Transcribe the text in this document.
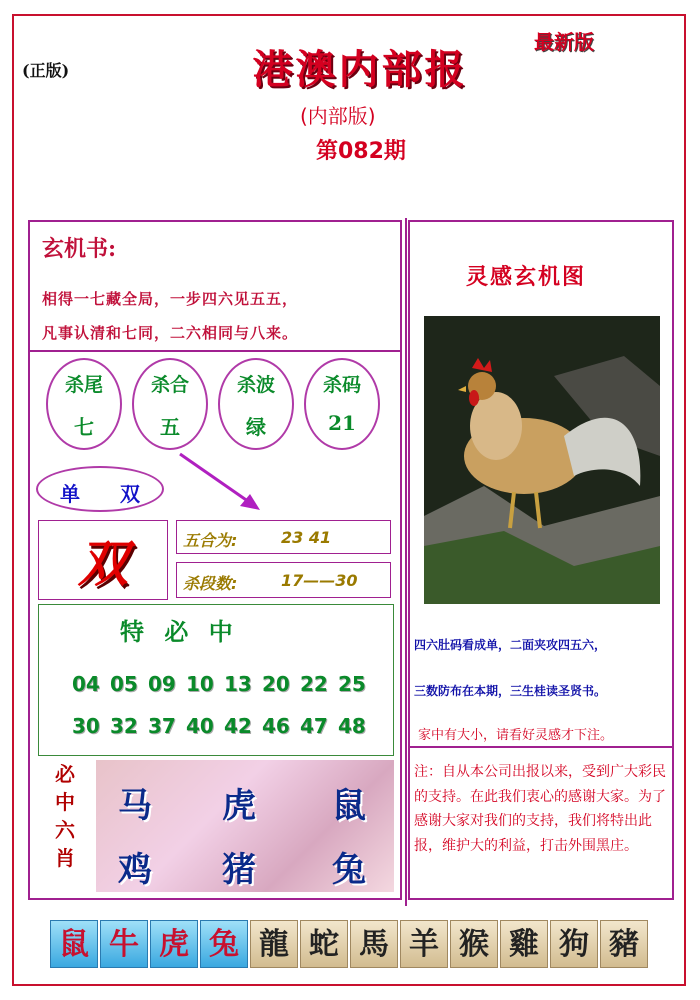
(正版)	港澳内部报
最新版
(内部版)
第082期
玄机书:
相得一七藏全局，一步四六见五五，
凡事认清和七同，二六相同与八来。
杀尾
七
杀合
五
杀波
绿
杀码
21
单 双
双	五合为:	23 41
杀段数:	17——30
特 必 中
04 05 09 10 13 20 22 25
30 32 37 40 42 46 47 48
必
中
六
肖
马 虎 鼠
鸡 猪 兔
灵感玄机图
四六肚码看成单，二面夹攻四五六，
三数防布在本期，三生桂读圣贤书。
家中有大小，请看好灵感才下注。
注：自从本公司出报以来，受到广大彩民的支持。在此我们衷心的感谢大家。为了感谢大家对我们的支持，我们将特出此报，维护大的利益，打击外围黑庄。
鼠 牛 虎 兔 龍 蛇 馬 羊 猴 雞 狗 豬
